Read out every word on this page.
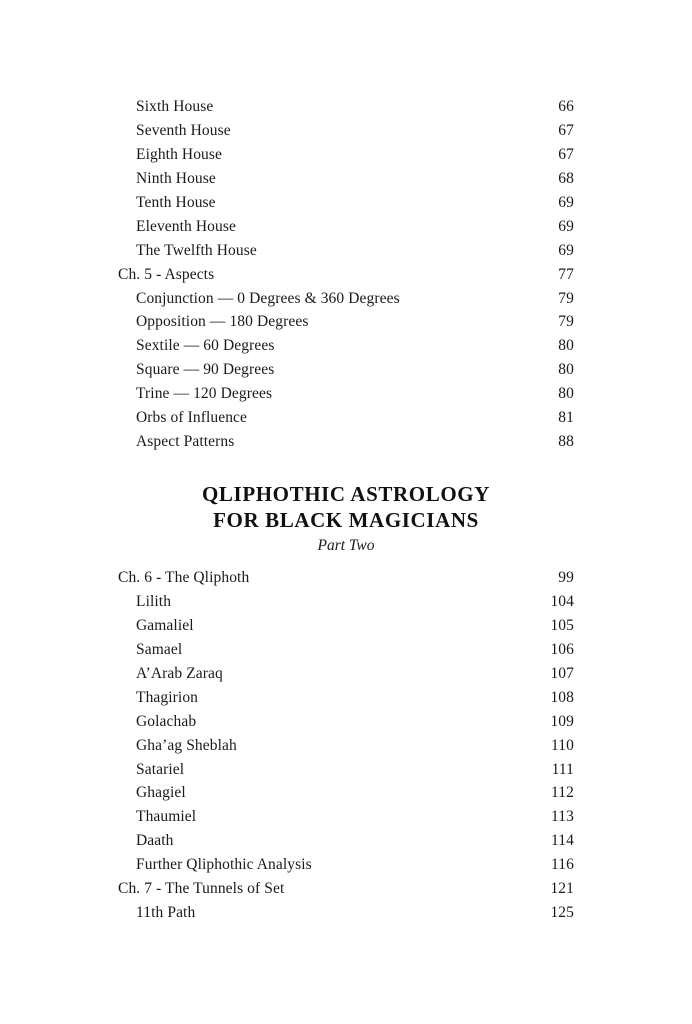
Sixth House	66
Seventh House	67
Eighth House	67
Ninth House	68
Tenth House	69
Eleventh House	69
The Twelfth House	69
Ch. 5 - Aspects	77
Conjunction — 0 Degrees & 360 Degrees	79
Opposition — 180 Degrees	79
Sextile — 60 Degrees	80
Square — 90 Degrees	80
Trine — 120 Degrees	80
Orbs of Influence	81
Aspect Patterns	88
QLIPHOTHIC ASTROLOGY
FOR BLACK MAGICIANS
Part Two
Ch. 6 - The Qliphoth	99
Lilith	104
Gamaliel	105
Samael	106
A’Arab Zaraq	107
Thagirion	108
Golachab	109
Gha’ag Sheblah	110
Satariel	111
Ghagiel	112
Thaumiel	113
Daath	114
Further Qliphothic Analysis	116
Ch. 7 - The Tunnels of Set	121
11th Path	125
